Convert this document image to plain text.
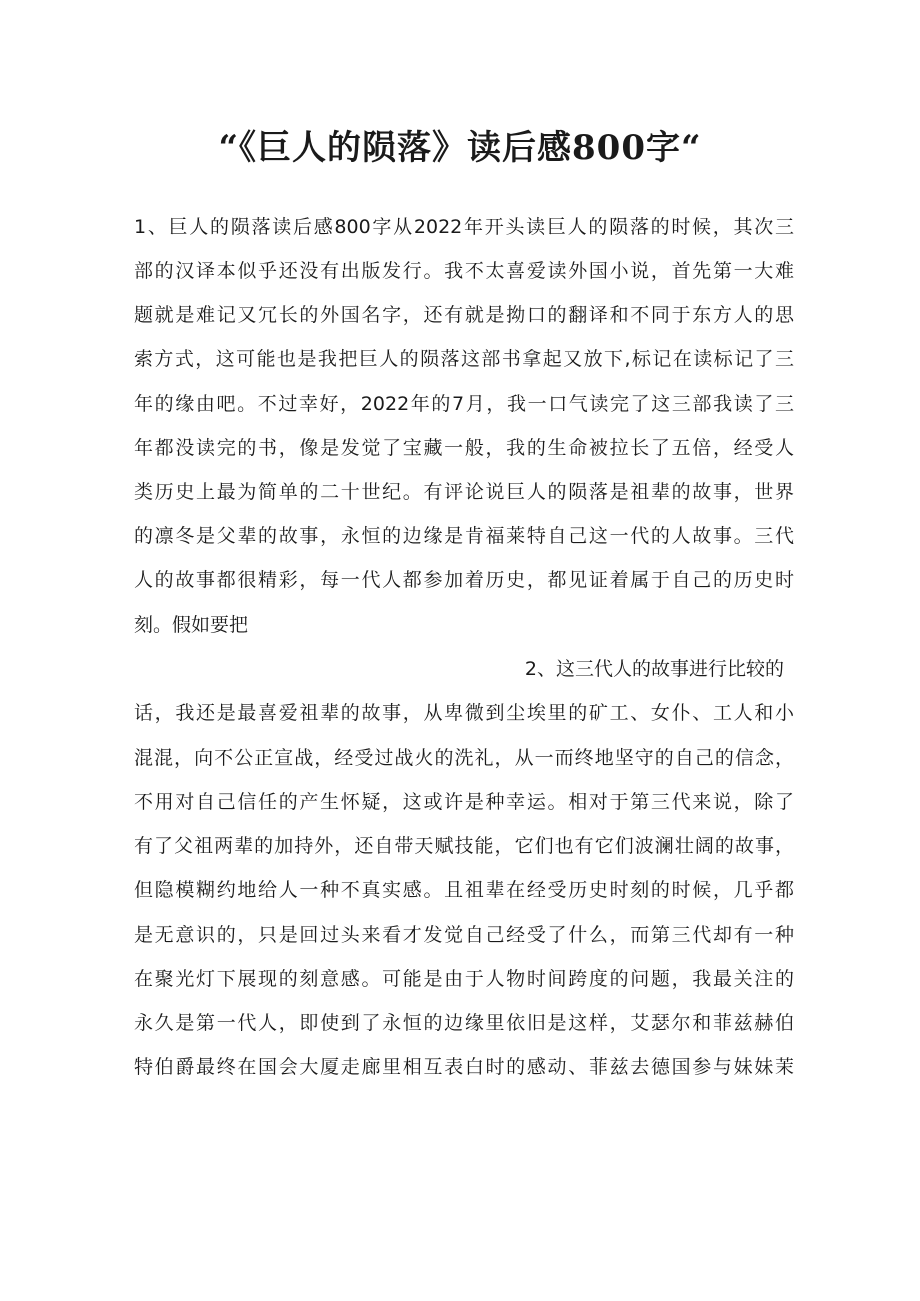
“《巨人的陨落》读后感800字“
1、巨人的陨落读后感800字从2022年开头读巨人的陨落的时候，其次三
部的汉译本似乎还没有出版发行。我不太喜爱读外国小说，首先第一大难
题就是难记又冗长的外国名字，还有就是拗口的翻译和不同于东方人的思
索方式，这可能也是我把巨人的陨落这部书拿起又放下,标记在读标记了三
年的缘由吧。不过幸好，2022年的7月，我一口气读完了这三部我读了三
年都没读完的书，像是发觉了宝藏一般，我的生命被拉长了五倍，经受人
类历史上最为简单的二十世纪。有评论说巨人的陨落是祖辈的故事，世界
的凛冬是父辈的故事，永恒的边缘是肯福莱特自己这一代的人故事。三代
人的故事都很精彩，每一代人都参加着历史，都见证着属于自己的历史时
刻。假如要把
2、这三代人的故事进行比较的
话，我还是最喜爱祖辈的故事，从卑微到尘埃里的矿工、女仆、工人和小
混混，向不公正宣战，经受过战火的洗礼，从一而终地坚守的自己的信念，
不用对自己信任的产生怀疑，这或许是种幸运。相对于第三代来说，除了
有了父祖两辈的加持外，还自带天赋技能，它们也有它们波澜壮阔的故事，
但隐模糊约地给人一种不真实感。且祖辈在经受历史时刻的时候，几乎都
是无意识的，只是回过头来看才发觉自己经受了什么，而第三代却有一种
在聚光灯下展现的刻意感。可能是由于人物时间跨度的问题，我最关注的
永久是第一代人，即使到了永恒的边缘里依旧是这样，艾瑟尔和菲兹赫伯
特伯爵最终在国会大厦走廊里相互表白时的感动、菲兹去德国参与妹妹茉
